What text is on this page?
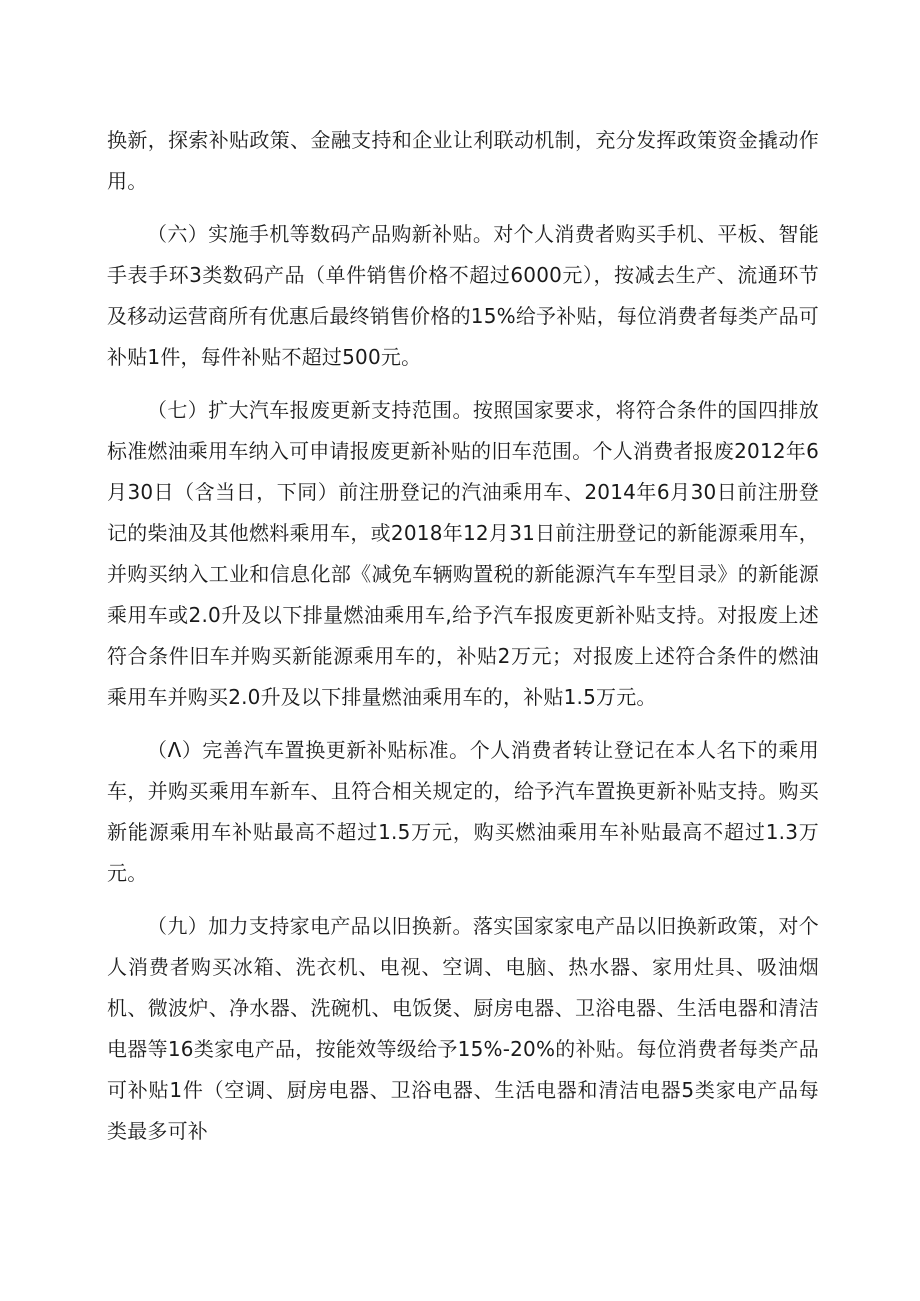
换新，探索补贴政策、金融支持和企业让利联动机制，充分发挥政策资金撬动作用。

（六）实施手机等数码产品购新补贴。对个人消费者购买手机、平板、智能手表手环3类数码产品（单件销售价格不超过6000元），按减去生产、流通环节及移动运营商所有优惠后最终销售价格的15%给予补贴，每位消费者每类产品可补贴1件，每件补贴不超过500元。

（七）扩大汽车报废更新支持范围。按照国家要求，将符合条件的国四排放标准燃油乘用车纳入可申请报废更新补贴的旧车范围。个人消费者报废2012年6月30日（含当日，下同）前注册登记的汽油乘用车、2014年6月30日前注册登记的柴油及其他燃料乘用车，或2018年12月31日前注册登记的新能源乘用车，并购买纳入工业和信息化部《减免车辆购置税的新能源汽车车型目录》的新能源乘用车或2.0升及以下排量燃油乘用车,给予汽车报废更新补贴支持。对报废上述符合条件旧车并购买新能源乘用车的，补贴2万元；对报废上述符合条件的燃油乘用车并购买2.0升及以下排量燃油乘用车的，补贴1.5万元。

（Λ）完善汽车置换更新补贴标准。个人消费者转让登记在本人名下的乘用车，并购买乘用车新车、且符合相关规定的，给予汽车置换更新补贴支持。购买新能源乘用车补贴最高不超过1.5万元，购买燃油乘用车补贴最高不超过1.3万元。

（九）加力支持家电产品以旧换新。落实国家家电产品以旧换新政策，对个人消费者购买冰箱、洗衣机、电视、空调、电脑、热水器、家用灶具、吸油烟机、微波炉、净水器、洗碗机、电饭煲、厨房电器、卫浴电器、生活电器和清洁电器等16类家电产品，按能效等级给予15%-20%的补贴。每位消费者每类产品可补贴1件（空调、厨房电器、卫浴电器、生活电器和清洁电器5类家电产品每类最多可补
